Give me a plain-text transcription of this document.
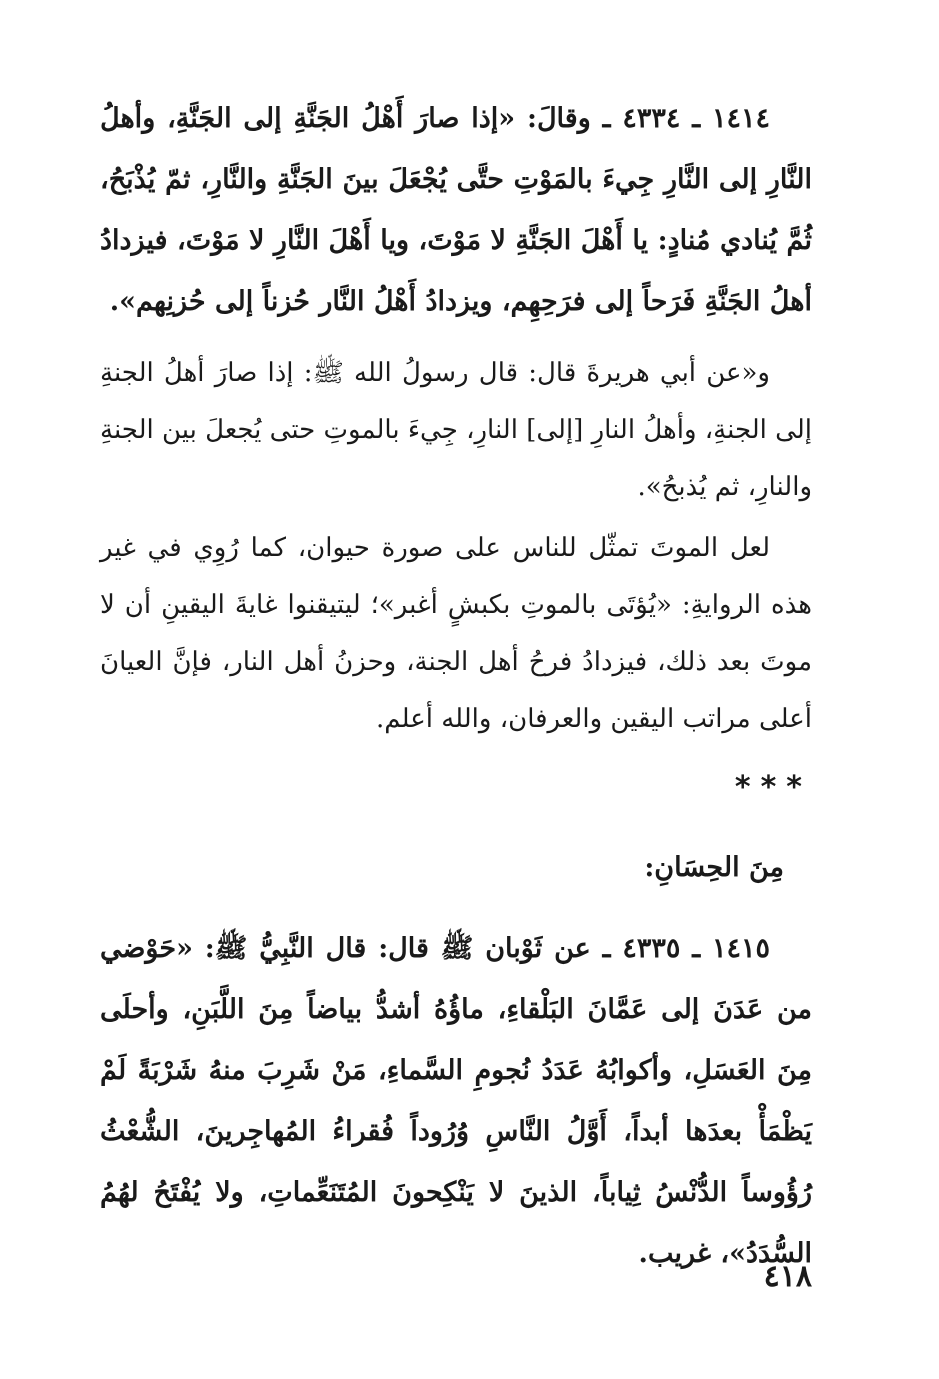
١٤١٤ ـ ٤٣٣٤ ـ وقالَ: «إذا صارَ أَهْلُ الجَنَّةِ إلى الجَنَّةِ، وأهلُ النَّارِ إلى النَّارِ جِيءَ بالمَوْتِ حتَّى يُجْعَلَ بينَ الجَنَّةِ والنَّارِ، ثمّ يُذْبَحُ، ثُمَّ يُنادي مُنادٍ: يا أَهْلَ الجَنَّةِ لا مَوْتَ، ويا أَهْلَ النَّارِ لا مَوْتَ، فيزدادُ أهلُ الجَنَّةِ فَرَحاً إلى فرَحِهِم، ويزدادُ أَهْلُ النَّار حُزناً إلى حُزنِهم».

و«عن أبي هريرةَ قال: قال رسولُ الله ﷺ: إذا صارَ أهلُ الجنةِ إلى الجنةِ، وأهلُ النارِ [إلى] النارِ، جِيءَ بالموتِ حتى يُجعلَ بين الجنةِ والنارِ، ثم يُذبحُ».

لعل الموتَ تمثّل للناس على صورة حيوان، كما رُوِي في غير هذه الروايةِ: «يُؤتَى بالموتِ بكبشٍ أغبر»؛ ليتيقنوا غايةَ اليقينِ أن لا موتَ بعد ذلك، فيزدادُ فرحُ أهل الجنة، وحزنُ أهل النار، فإنَّ العيانَ أعلى مراتب اليقين والعرفان، والله أعلم.

***
مِنَ الحِسَانِ:

١٤١٥ ـ ٤٣٣٥ ـ عن ثَوْبان ﷺ قال: قال النَّبِيُّ ﷺ: «حَوْضي من عَدَنَ إلى عَمَّانَ البَلْقاءِ، ماؤُهُ أشدُّ بياضاً مِنَ اللَّبَنِ، وأحلَى مِنَ العَسَلِ، وأكوابُهُ عَدَدُ نُجومِ السَّماءِ، مَنْ شَرِبَ منهُ شَرْبَةً لَمْ يَظْمَأْ بعدَها أبداً، أَوَّلُ النَّاسِ وُرُوداً فُقراءُ المُهاجِرينَ، الشُّعْثُ رُؤُوساً الدُّنْسُ ثِياباً، الذينَ لا يَنْكِحونَ المُتَنَعِّماتِ، ولا يُفْتَحُ لهُمُ السُّدَدُ»، غريب.

٤١٨
